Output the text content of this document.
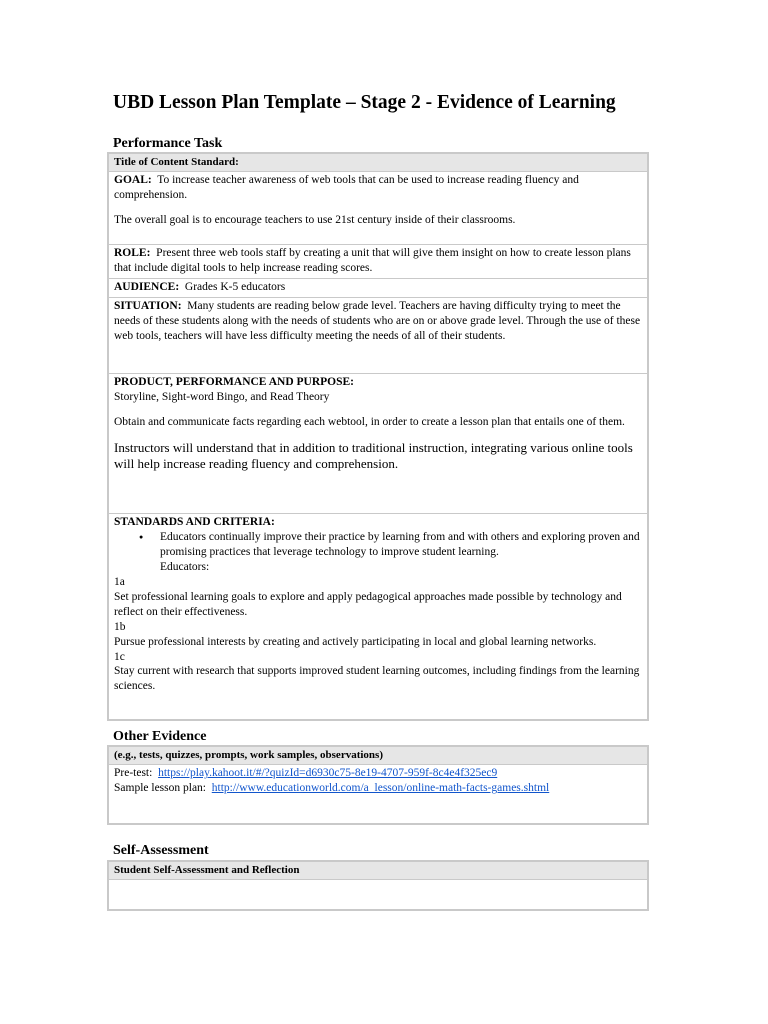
UBD Lesson Plan Template – Stage 2 - Evidence of Learning
Performance Task
Title of Content Standard:

GOAL: To increase teacher awareness of web tools that can be used to increase reading fluency and comprehension.

The overall goal is to encourage teachers to use 21st century inside of their classrooms.

ROLE: Present three web tools staff by creating a unit that will give them insight on how to create lesson plans that include digital tools to help increase reading scores.

AUDIENCE: Grades K-5 educators

SITUATION: Many students are reading below grade level. Teachers are having difficulty trying to meet the needs of these students along with the needs of students who are on or above grade level. Through the use of these web tools, teachers will have less difficulty meeting the needs of all of their students.

PRODUCT, PERFORMANCE AND PURPOSE:

Storyline, Sight-word Bingo, and Read Theory

Obtain and communicate facts regarding each webtool, in order to create a lesson plan that entails one of them.

Instructors will understand that in addition to traditional instruction, integrating various online tools will help increase reading fluency and comprehension.

STANDARDS AND CRITERIA:

● Educators continually improve their practice by learning from and with others and exploring proven and promising practices that leverage technology to improve student learning.
Educators:

1a

Set professional learning goals to explore and apply pedagogical approaches made possible by technology and reflect on their effectiveness.

1b

Pursue professional interests by creating and actively participating in local and global learning networks.

1c

Stay current with research that supports improved student learning outcomes, including findings from the learning sciences.

Other Evidence
(e.g., tests, quizzes, prompts, work samples, observations)

Pre-test: https://play.kahoot.it/#/?quizId=d6930c75-8e19-4707-959f-8c4e4f325ec9

Sample lesson plan: http://www.educationworld.com/a_lesson/online-math-facts-games.shtml

Self-Assessment
Student Self-Assessment and Reflection
